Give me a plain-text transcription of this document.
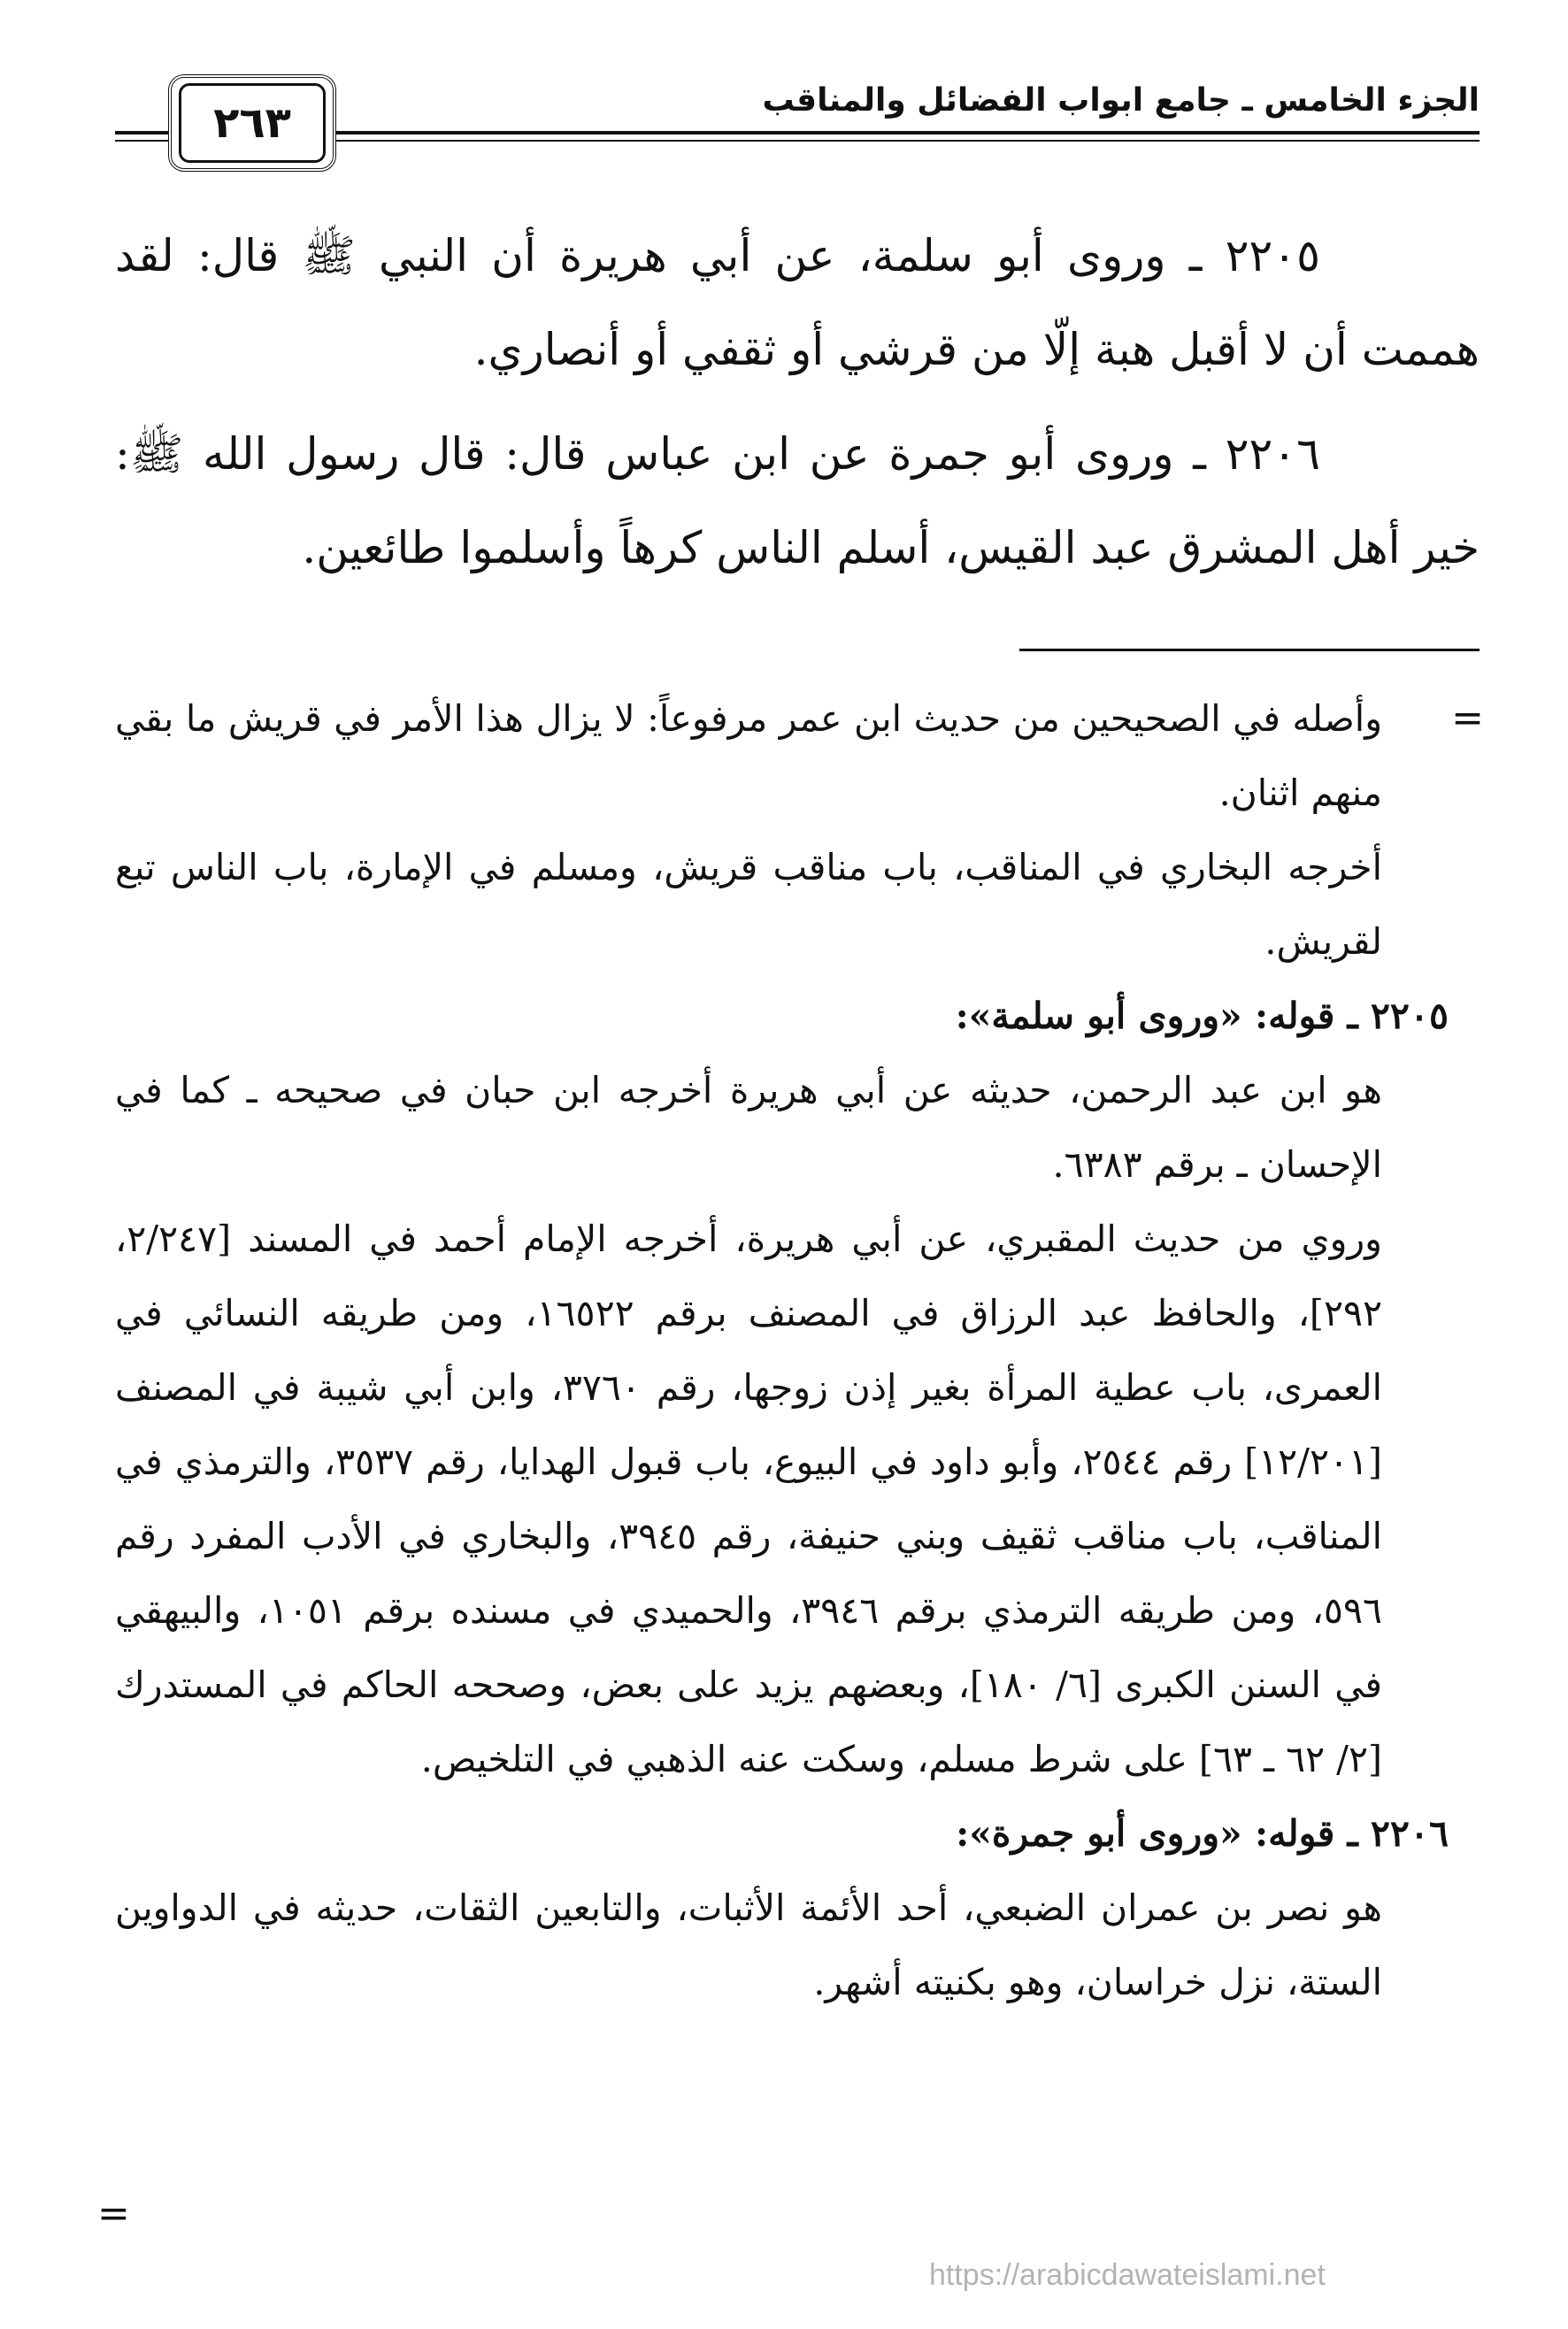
الجزء الخامس ـ جامع ابواب الفضائل والمناقب
٢٦٣

٢٢٠٥ ـ وروى أبو سلمة، عن أبي هريرة أن النبي ﷺ قال: لقد هممت أن لا أقبل هبة إلّا من قرشي أو ثقفي أو أنصاري.

٢٢٠٦ ـ وروى أبو جمرة عن ابن عباس قال: قال رسول الله ﷺ: خير أهل المشرق عبد القيس، أسلم الناس كرهاً وأسلموا طائعين.

=

وأصله في الصحيحين من حديث ابن عمر مرفوعاً: لا يزال هذا الأمر في قريش ما بقي منهم اثنان.

أخرجه البخاري في المناقب، باب مناقب قريش، ومسلم في الإمارة، باب الناس تبع لقريش.

٢٢٠٥ ـ قوله: «وروى أبو سلمة»:

هو ابن عبد الرحمن، حديثه عن أبي هريرة أخرجه ابن حبان في صحيحه ـ كما في الإحسان ـ برقم ٦٣٨٣.

وروي من حديث المقبري، عن أبي هريرة، أخرجه الإمام أحمد في المسند [٢/٢٤٧، ٢٩٢]، والحافظ عبد الرزاق في المصنف برقم ١٦٥٢٢، ومن طريقه النسائي في العمرى، باب عطية المرأة بغير إذن زوجها، رقم ٣٧٦٠، وابن أبي شيبة في المصنف [١٢/٢٠١] رقم ٢٥٤٤، وأبو داود في البيوع، باب قبول الهدايا، رقم ٣٥٣٧، والترمذي في المناقب، باب مناقب ثقيف وبني حنيفة، رقم ٣٩٤٥، والبخاري في الأدب المفرد رقم ٥٩٦، ومن طريقه الترمذي برقم ٣٩٤٦، والحميدي في مسنده برقم ١٠٥١، والبيهقي في السنن الكبرى [٦/ ١٨٠]، وبعضهم يزيد على بعض، وصححه الحاكم في المستدرك [٢/ ٦٢ ـ ٦٣] على شرط مسلم، وسكت عنه الذهبي في التلخيص.

٢٢٠٦ ـ قوله: «وروى أبو جمرة»:

هو نصر بن عمران الضبعي، أحد الأئمة الأثبات، والتابعين الثقات، حديثه في الدواوين الستة، نزل خراسان، وهو بكنيته أشهر.

=
https://arabicdawateislami.net
